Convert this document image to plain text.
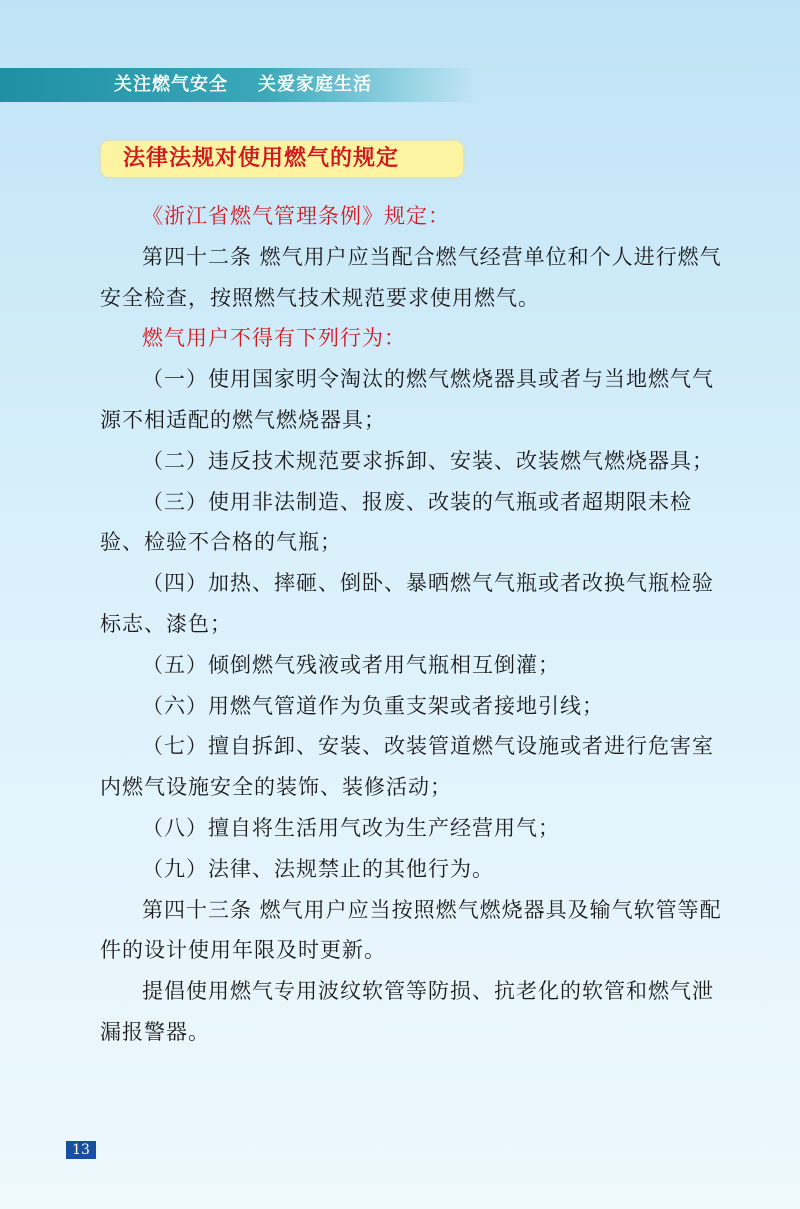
关注燃气安全 关爱家庭生活
法律法规对使用燃气的规定

《浙江省燃气管理条例》规定：

第四十二条 燃气用户应当配合燃气经营单位和个人进行燃气安全检查，按照燃气技术规范要求使用燃气。

燃气用户不得有下列行为：

（一）使用国家明令淘汰的燃气燃烧器具或者与当地燃气气源不相适配的燃气燃烧器具；

（二）违反技术规范要求拆卸、安装、改装燃气燃烧器具；

（三）使用非法制造、报废、改装的气瓶或者超期限未检验、检验不合格的气瓶；

（四）加热、摔砸、倒卧、暴晒燃气气瓶或者改换气瓶检验标志、漆色；

（五）倾倒燃气残液或者用气瓶相互倒灌；

（六）用燃气管道作为负重支架或者接地引线；

（七）擅自拆卸、安装、改装管道燃气设施或者进行危害室内燃气设施安全的装饰、装修活动；

（八）擅自将生活用气改为生产经营用气；

（九）法律、法规禁止的其他行为。

第四十三条 燃气用户应当按照燃气燃烧器具及输气软管等配件的设计使用年限及时更新。

提倡使用燃气专用波纹软管等防损、抗老化的软管和燃气泄漏报警器。

13
